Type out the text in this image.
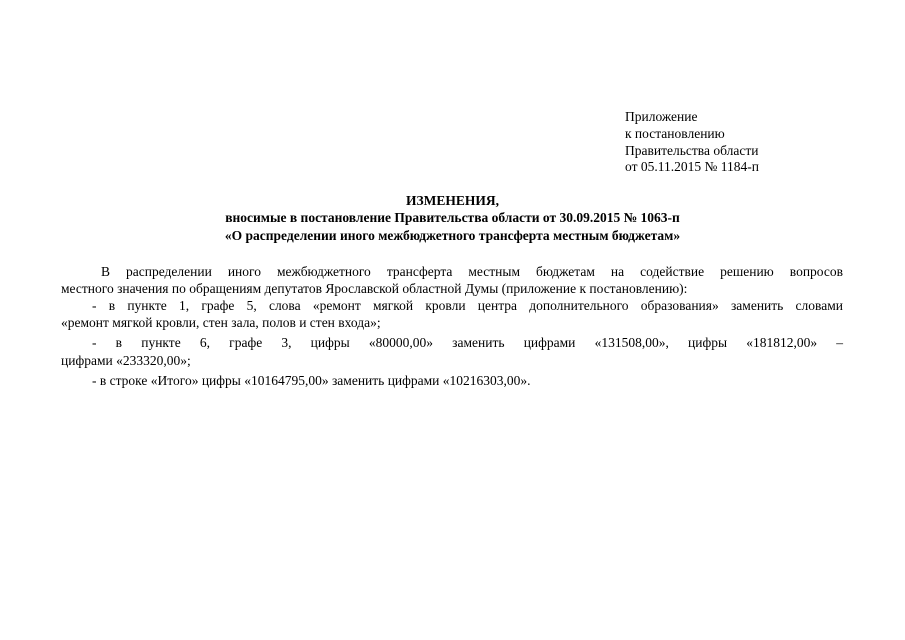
Приложение
к постановлению
Правительства области
от 05.11.2015 № 1184-п
ИЗМЕНЕНИЯ,
вносимые в постановление Правительства области от 30.09.2015 № 1063-п
«О распределении иного межбюджетного трансферта местным бюджетам»
В распределении иного межбюджетного трансферта местным бюджетам на содействие решению вопросов
местного значения по обращениям депутатов Ярославской областной Думы (приложение к постановлению):
- в пункте 1, графе 5, слова «ремонт мягкой кровли центра дополнительного образования» заменить словами
«ремонт мягкой кровли, стен зала, полов и стен входа»;
- в пункте 6, графе 3, цифры «80000,00» заменить цифрами «131508,00», цифры «181812,00» –
цифрами «233320,00»;
- в строке «Итого» цифры «10164795,00» заменить цифрами «10216303,00».
